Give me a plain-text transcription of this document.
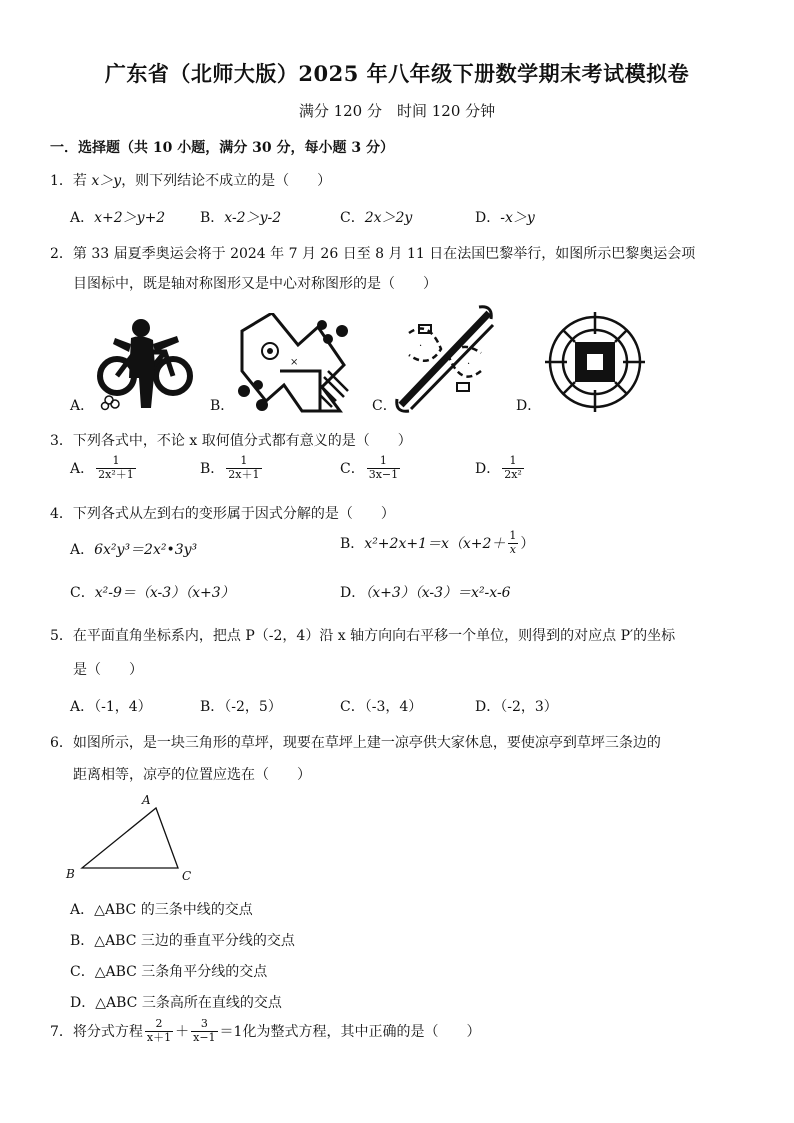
广东省（北师大版）2025 年八年级下册数学期末考试模拟卷
满分 120 分　时间 120 分钟
一．选择题（共 10 小题，满分 30 分，每小题 3 分）
1．若 x＞y，则下列结论不成立的是（　　）
A．x+2＞y+2 B．x-2＞y-2	C．2x＞2y	D．-x＞y
2．第 33 届夏季奥运会将于 2024 年 7 月 26 日至 8 月 11 日在法国巴黎举行，如图所示巴黎奥运会项
目图标中，既是轴对称图形又是中心对称图形的是（　　）
A．
×
B．
·
·
C．	D．
3．下列各式中，不论 x 取何值分式都有意义的是（　　）
A． $\frac{1}{\text{2x²＋1}}$	B． $\frac{1}{2x+1}$	C． $\frac{1}{3x-1}$	D． $\frac{1}{\text{2x²}}$
4．下列各式从左到右的变形属于因式分解的是（　　）
A．6x²y³＝2x²•3y³	B． $x^2+2x+1=x(x+2+ \frac{1}{x}$ ）
C．x²-9＝（x-3）（x+3）	D．（x+3）（x-3）＝x²-x-6
5．在平面直角坐标系内，把点 P（-2，4）沿 x 轴方向向右平移一个单位，则得到的对应点 P′的坐标
是（　　）
A．（-1，4）	B．（-2，5）	C．（-3，4）	D．（-2，3）
6．如图所示，是一块三角形的草坪，现要在草坪上建一凉亭供大家休息，要使凉亭到草坪三条边的
距离相等，凉亭的位置应选在（　　）
A
B	C
A．△ABC 的三条中线的交点
B．△ABC 三边的垂直平分线的交点
C．△ABC 三条角平分线的交点
D．△ABC 三条高所在直线的交点
7． 将分式方程 $\frac{2}{x+1} + \frac{3}{x-1} =1$化为整式方程，其中正确的是（　　）
